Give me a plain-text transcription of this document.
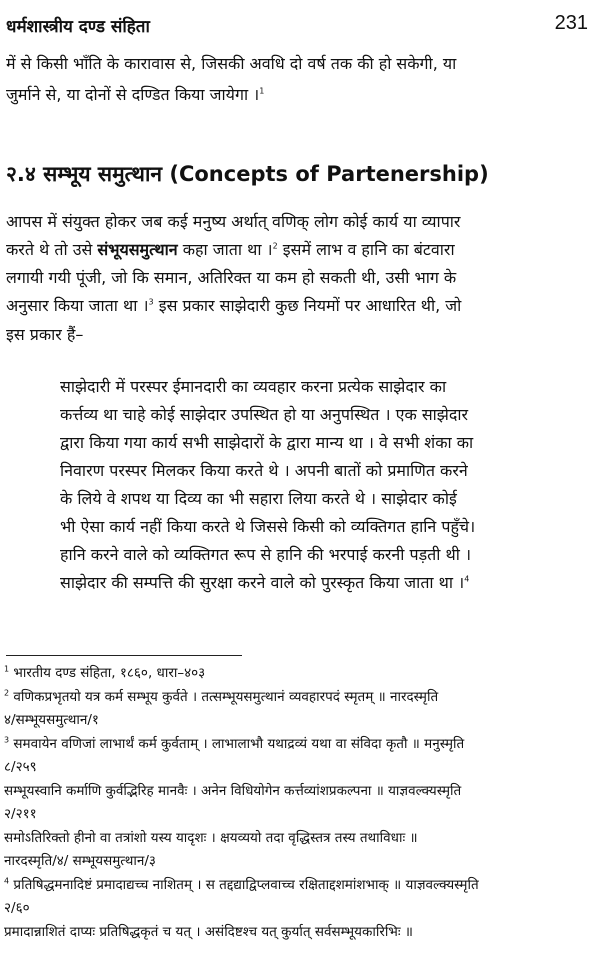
धर्मशास्त्रीय दण्ड संहिता	231
में से किसी भाँति के कारावास से, जिसकी अवधि दो वर्ष तक की हो सकेगी, या
जुर्माने से, या दोनों से दण्डित किया जायेगा ।$^1$
२.४ सम्भूय समुत्थान (Concepts of Partenership)
आपस में संयुक्त होकर जब कई मनुष्य अर्थात् वणिक् लोग कोई कार्य या व्यापार
करते थे तो उसे संभूयसमुत्थान कहा जाता था ।$^2$ इसमें लाभ व हानि का बंटवारा
लगायी गयी पूंजी, जो कि समान, अतिरिक्त या कम हो सकती थी, उसी भाग के
अनुसार किया जाता था ।$^3$ इस प्रकार साझेदारी कुछ नियमों पर आधारित थी, जो
इस प्रकार हैं–
साझेदारी में परस्पर ईमानदारी का व्यवहार करना प्रत्येक साझेदार का
कर्त्तव्य था चाहे कोई साझेदार उपस्थित हो या अनुपस्थित । एक साझेदार
द्वारा किया गया कार्य सभी साझेदारों के द्वारा मान्य था । वे सभी शंका का
निवारण परस्पर मिलकर किया करते थे । अपनी बातों को प्रमाणित करने
के लिये वे शपथ या दिव्य का भी सहारा लिया करते थे । साझेदार कोई
भी ऐसा कार्य नहीं किया करते थे जिससे किसी को व्यक्तिगत हानि पहुँचे।
हानि करने वाले को व्यक्तिगत रूप से हानि की भरपाई करनी पड़ती थी ।
साझेदार की सम्पत्ति की सुरक्षा करने वाले को पुरस्कृत किया जाता था ।$^4$
$^1$ भारतीय दण्ड संहिता, १८६०, धारा–४०३
$^2$ वणिकप्रभृतयो यत्र कर्म सम्भूय कुर्वते । तत्सम्भूयसमुत्थानं व्यवहारपदं स्मृतम् ॥ नारदस्मृति
४/सम्भूयसमुत्थान/१
$^3$ समवायेन वणिजां लाभार्थं कर्म कुर्वताम् । लाभालाभौ यथाद्रव्यं यथा वा संविदा कृतौ ॥ मनुस्मृति
८/२५९
सम्भूयस्वानि कर्माणि कुर्वद्भिरिह मानवैः । अनेन विधियोगेन कर्त्तव्यांशप्रकल्पना ॥ याज्ञवल्क्यस्मृति
२/२११
समोऽतिरिक्तो हीनो वा तत्रांशो यस्य यादृशः । क्षयव्ययो तदा वृद्धिस्तत्र तस्य तथाविधाः ॥
नारदस्मृति/४/ सम्भूयसमुत्थान/३
$^4$ प्रतिषिद्धमनादिष्टं प्रमादाद्यच्च नाशितम् । स तद्दद्याद्विप्लवाच्च रक्षिताद्दशमांशभाक् ॥ याज्ञवल्क्यस्मृति
२/६०
प्रमादान्नाशितं दाप्यः प्रतिषिद्धकृतं च यत् । असंदिष्टश्च यत् कुर्यात् सर्वसम्भूयकारिभिः ॥
